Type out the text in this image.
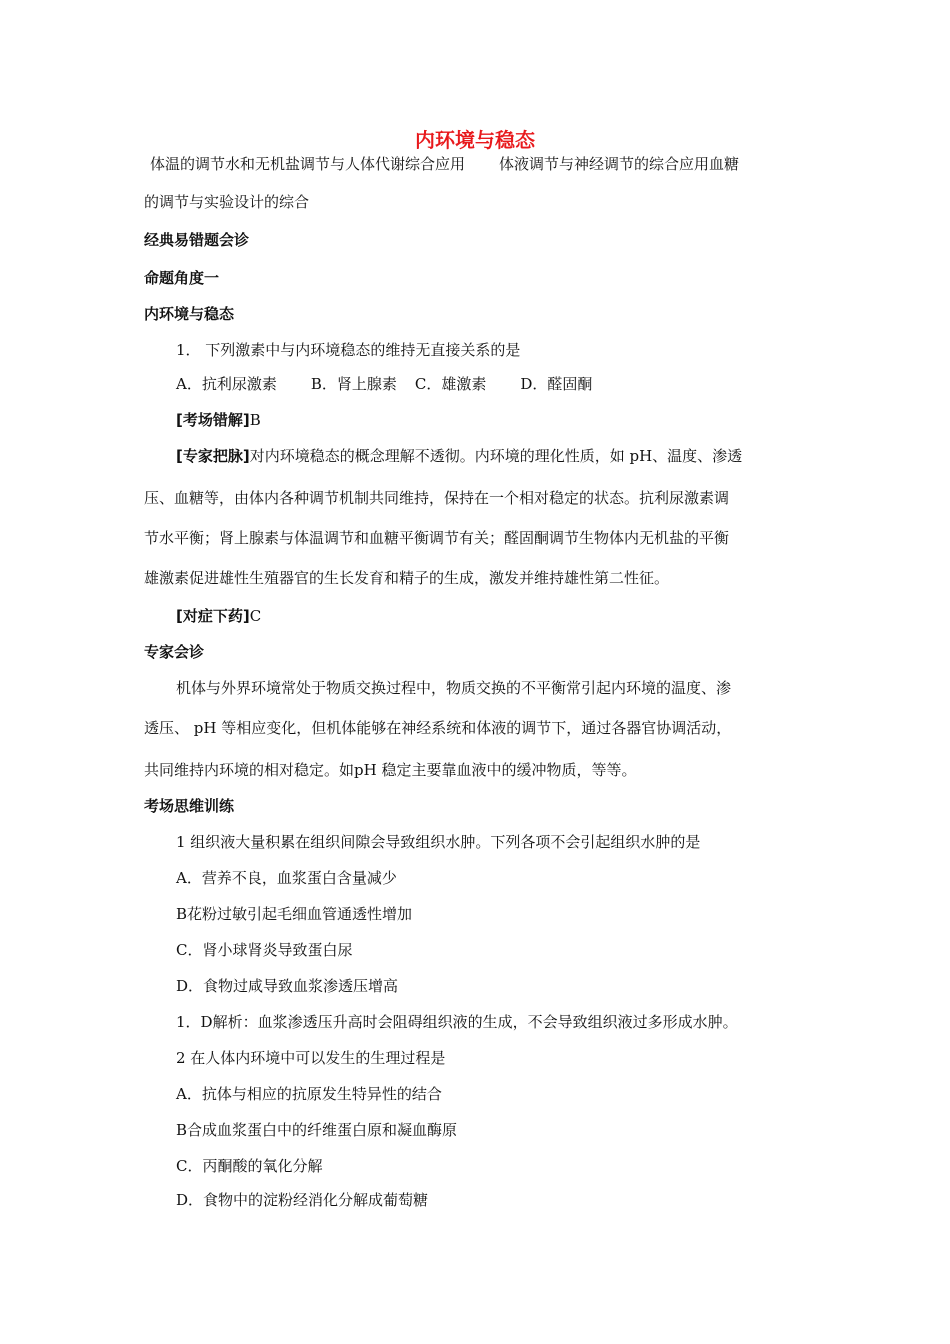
内环境与稳态
体温的调节水和无机盐调节与人体代谢综合应用 体液调节与神经调节的综合应用血糖
的调节与实验设计的综合
经典易错题会诊
命题角度一
内环境与稳态
1． 下列激素中与内环境稳态的维持无直接关系的是
A．抗利尿激素 B．肾上腺素 C．雄激素 D．醛固酮
[考场错解]B
[专家把脉]对内环境稳态的概念理解不透彻。内环境的理化性质，如 pH、温度、渗透
压、血糖等，由体内各种调节机制共同维持，保持在一个相对稳定的状态。抗利尿激素调
节水平衡；肾上腺素与体温调节和血糖平衡调节有关；醛固酮调节生物体内无机盐的平衡
雄激素促进雄性生殖器官的生长发育和精子的生成，激发并维持雄性第二性征。
[对症下药]C
专家会诊
机体与外界环境常处于物质交换过程中，物质交换的不平衡常引起内环境的温度、渗
透压、 pH 等相应变化，但机体能够在神经系统和体液的调节下，通过各器官协调活动，
共同维持内环境的相对稳定。如pH 稳定主要靠血液中的缓冲物质，等等。
考场思维训练
1 组织液大量积累在组织间隙会导致组织水肿。下列各项不会引起组织水肿的是
A．营养不良，血浆蛋白含量减少
B花粉过敏引起毛细血管通透性增加
C．肾小球肾炎导致蛋白尿
D．食物过咸导致血浆渗透压增高
1．D解析：血浆渗透压升高时会阻碍组织液的生成，不会导致组织液过多形成水肿。
2 在人体内环境中可以发生的生理过程是
A．抗体与相应的抗原发生特异性的结合
B合成血浆蛋白中的纤维蛋白原和凝血酶原
C．丙酮酸的氧化分解
D．食物中的淀粉经消化分解成葡萄糖
